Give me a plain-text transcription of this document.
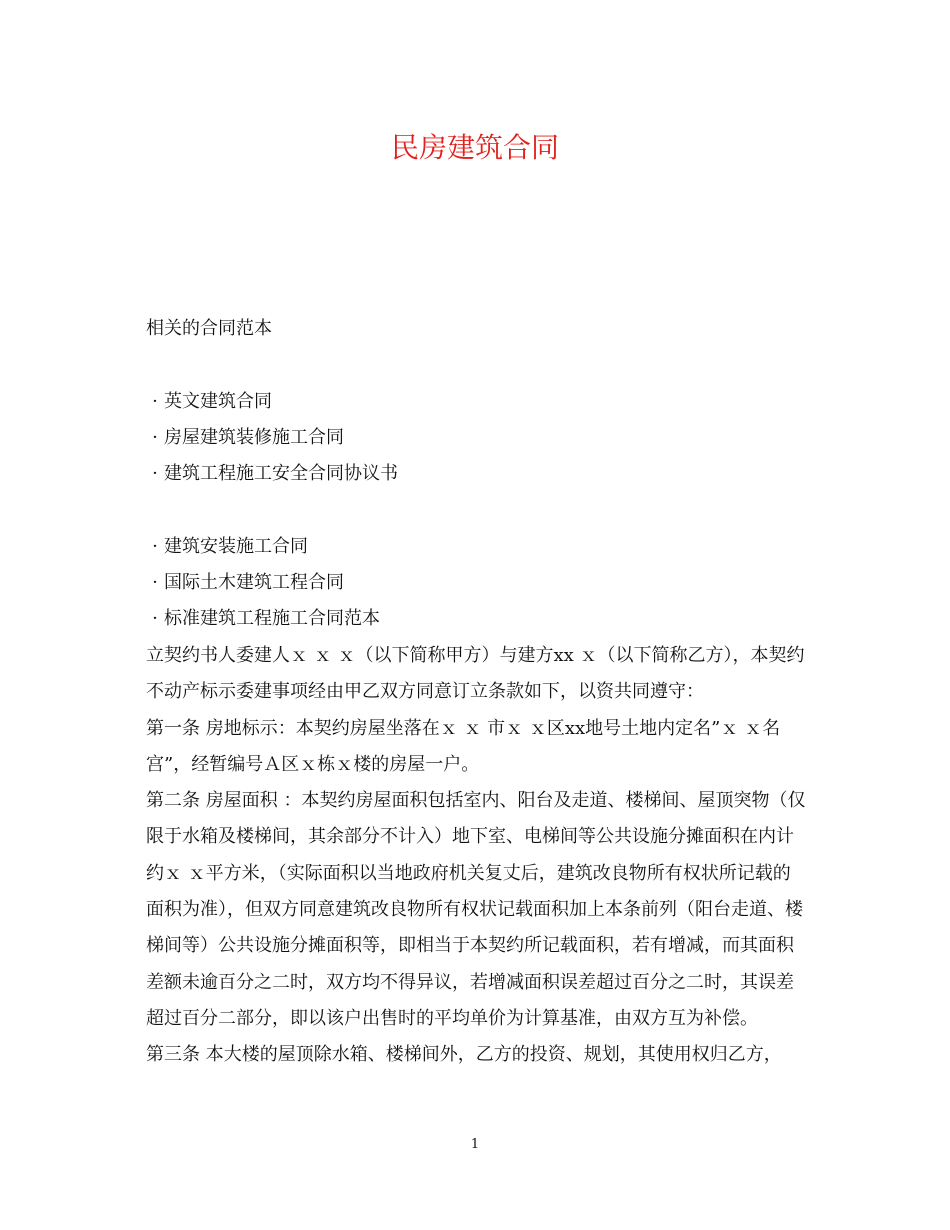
民房建筑合同
相关的合同范本
· 英文建筑合同
· 房屋建筑装修施工合同
· 建筑工程施工安全合同协议书
· 建筑安装施工合同
· 国际土木建筑工程合同
· 标准建筑工程施工合同范本

立契约书人委建人ｘ ｘ ｘ（以下简称甲方）与建方xx ｘ（以下简称乙方），本契约不动产标示委建事项经由甲乙双方同意订立条款如下，以资共同遵守：

第一条 房地标示：本契约房屋坐落在ｘ ｘ 市ｘ ｘ区xx地号土地内定名”ｘ ｘ名宫”，经暂编号Ａ区ｘ栋ｘ楼的房屋一户。

第二条 房屋面积 ：本契约房屋面积包括室内、阳台及走道、楼梯间、屋顶突物（仅限于水箱及楼梯间，其余部分不计入）地下室、电梯间等公共设施分摊面积在内计约ｘ ｘ平方米，（实际面积以当地政府机关复丈后，建筑改良物所有权状所记载的面积为准），但双方同意建筑改良物所有权状记载面积加上本条前列（阳台走道、楼梯间等）公共设施分摊面积等，即相当于本契约所记载面积，若有增减，而其面积差额未逾百分之二时，双方均不得异议，若增减面积误差超过百分之二时，其误差超过百分二部分，即以该户出售时的平均单价为计算基准，由双方互为补偿。

第三条 本大楼的屋顶除水箱、楼梯间外，乙方的投资、规划，其使用权归乙方，

1
